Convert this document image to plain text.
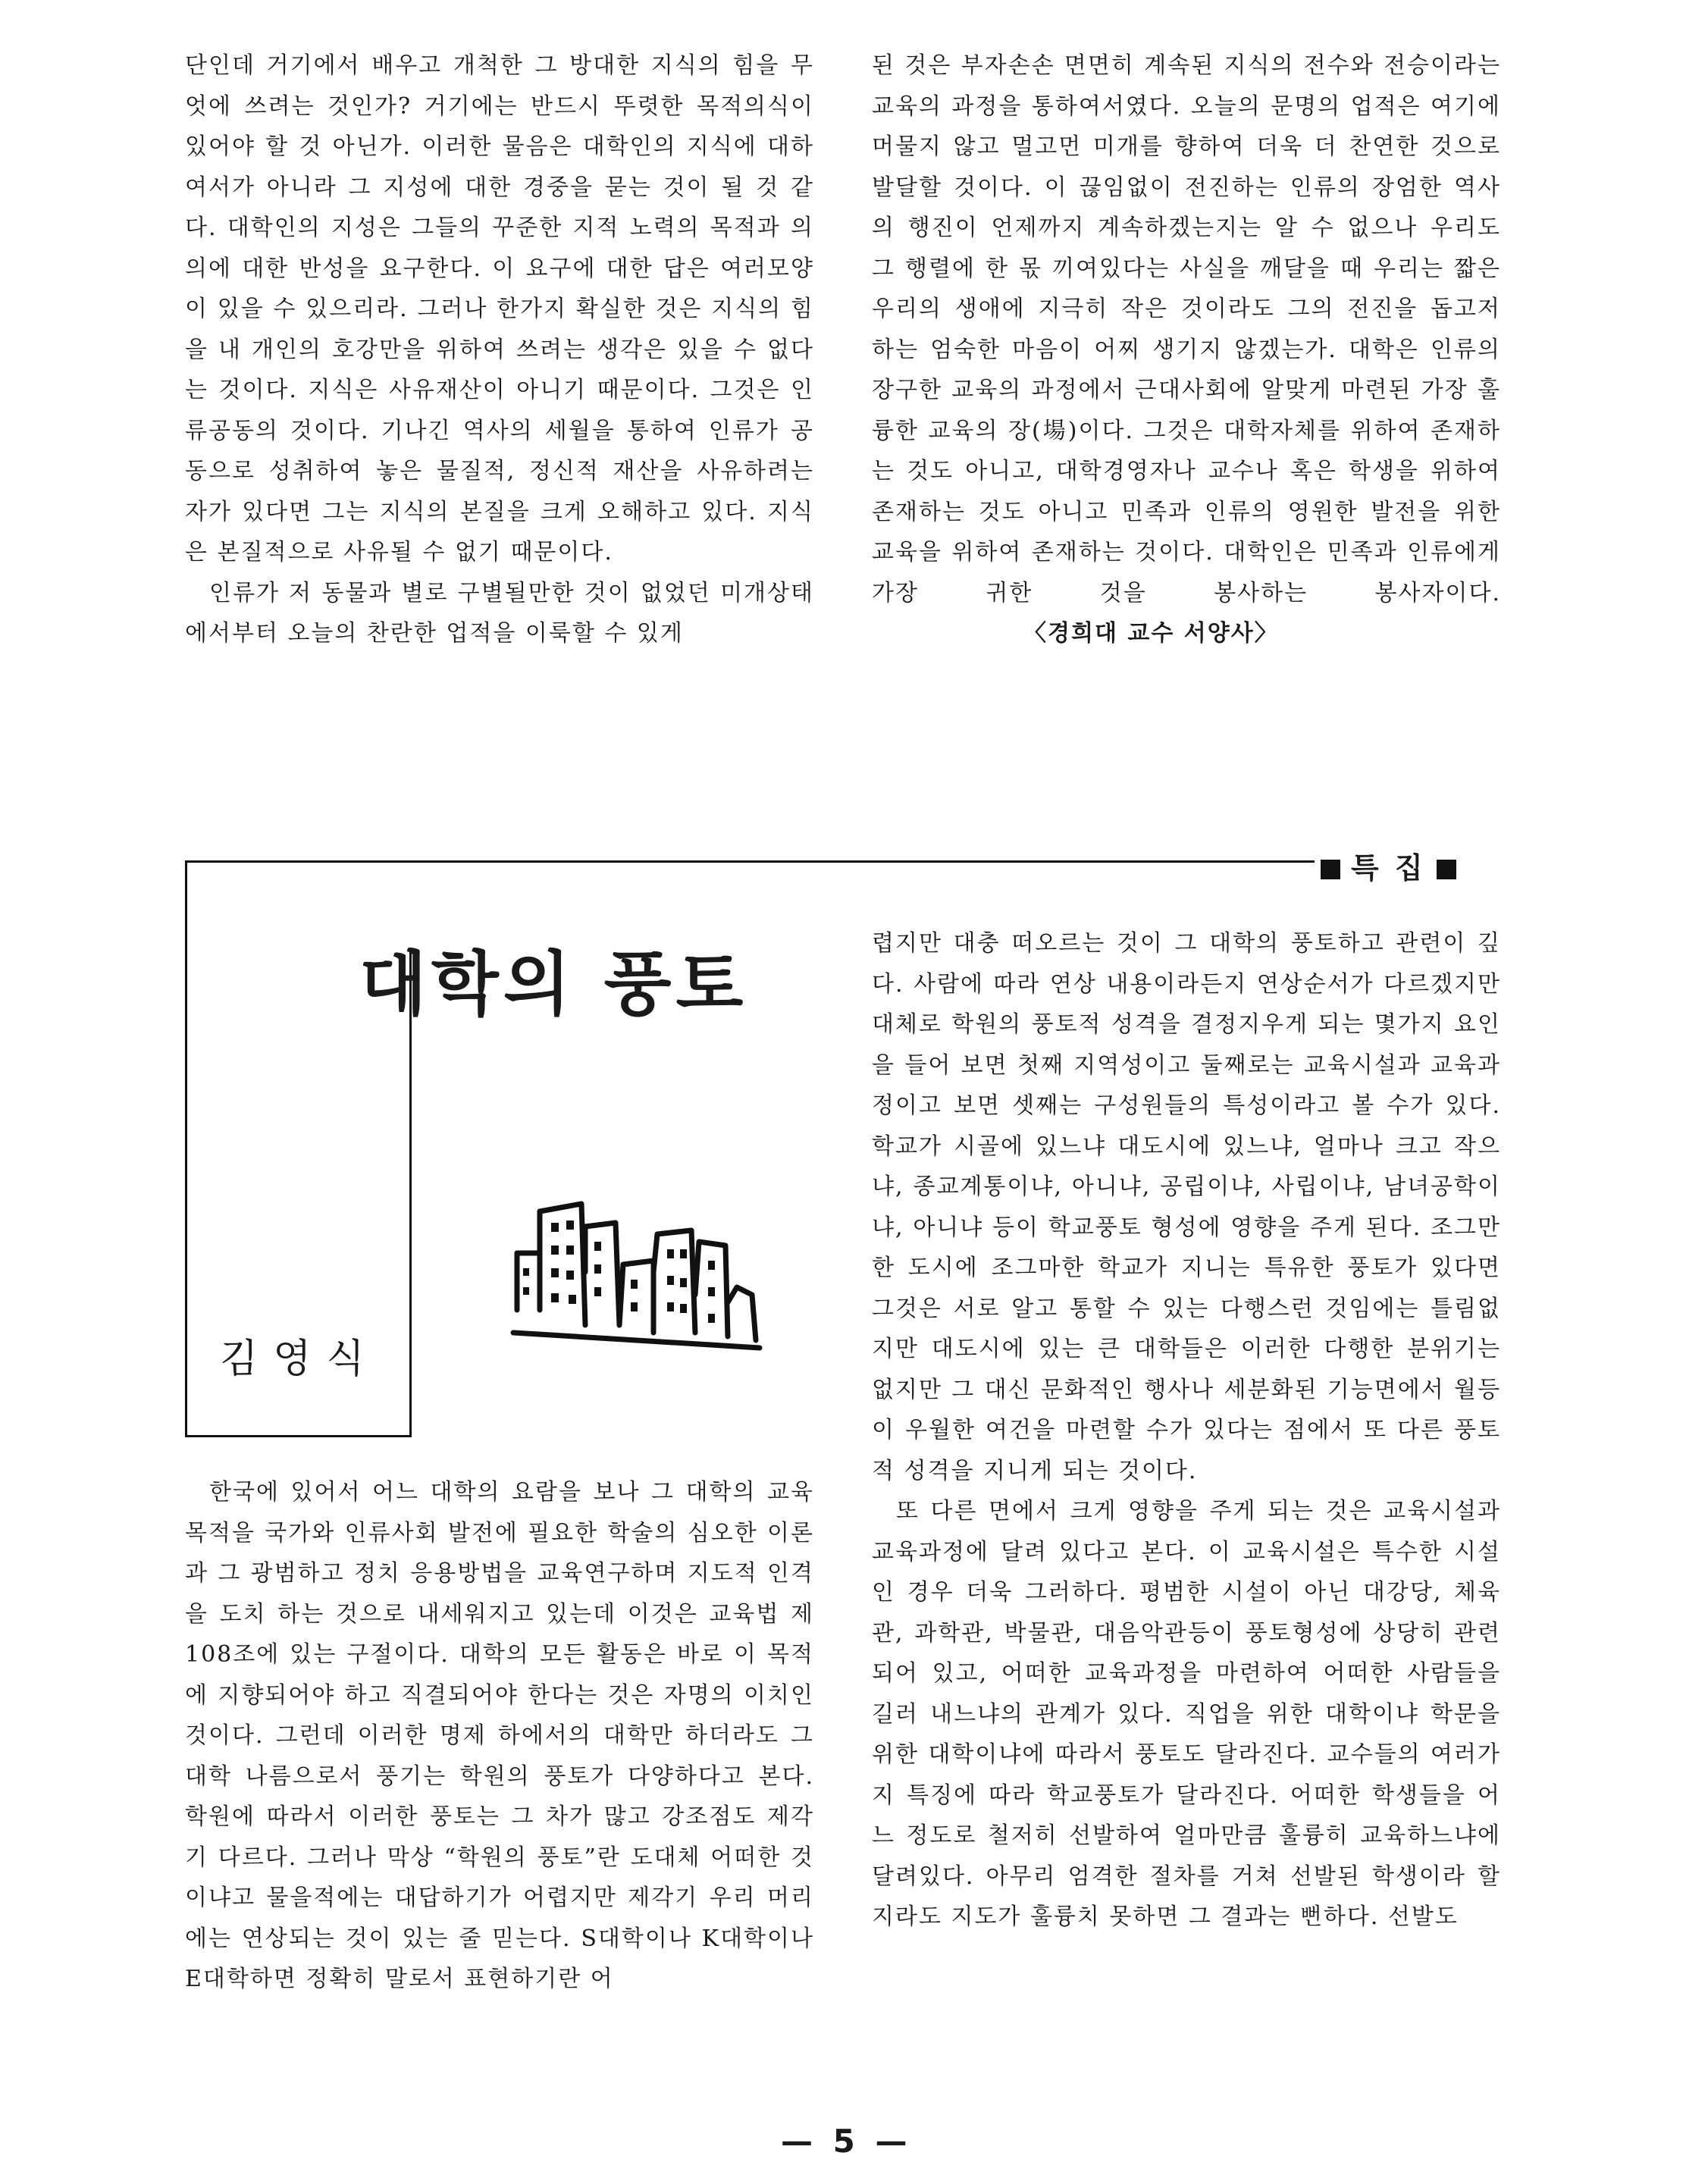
단인데 거기에서 배우고 개척한 그 방대한 지식의 힘을 무엇에 쓰려는 것인가? 거기에는 반드시 뚜렷한 목적의식이 있어야 할 것 아닌가. 이러한 물음은 대학인의 지식에 대하여서가 아니라 그 지성에 대한 경중을 묻는 것이 될 것 같다. 대학인의 지성은 그들의 꾸준한 지적 노력의 목적과 의의에 대한 반성을 요구한다. 이 요구에 대한 답은 여러모양이 있을 수 있으리라. 그러나 한가지 확실한 것은 지식의 힘을 내 개인의 호강만을 위하여 쓰려는 생각은 있을 수 없다는 것이다. 지식은 사유재산이 아니기 때문이다. 그것은 인류공동의 것이다. 기나긴 역사의 세월을 통하여 인류가 공동으로 성취하여 놓은 물질적, 정신적 재산을 사유하려는 자가 있다면 그는 지식의 본질을 크게 오해하고 있다. 지식은 본질적으로 사유될 수 없기 때문이다.

인류가 저 동물과 별로 구별될만한 것이 없었던 미개상태에서부터 오늘의 찬란한 업적을 이룩할 수 있게

된 것은 부자손손 면면히 계속된 지식의 전수와 전승이라는 교육의 과정을 통하여서였다. 오늘의 문명의 업적은 여기에 머물지 않고 멀고먼 미개를 향하여 더욱 더 찬연한 것으로 발달할 것이다. 이 끊임없이 전진하는 인류의 장엄한 역사의 행진이 언제까지 계속하겠는지는 알 수 없으나 우리도 그 행렬에 한 몫 끼여있다는 사실을 깨달을 때 우리는 짧은 우리의 생애에 지극히 작은 것이라도 그의 전진을 돕고저 하는 엄숙한 마음이 어찌 생기지 않겠는가. 대학은 인류의 장구한 교육의 과정에서 근대사회에 알맞게 마련된 가장 훌륭한 교육의 장(場)이다. 그것은 대학자체를 위하여 존재하는 것도 아니고, 대학경영자나 교수나 혹은 학생을 위하여 존재하는 것도 아니고 민족과 인류의 영원한 발전을 위한 교육을 위하여 존재하는 것이다. 대학인은 민족과 인류에게 가장 귀한 것을 봉사하는 봉사자이다.〈경희대 교수 서양사〉

특 집
대학의 풍토
김영식

한국에 있어서 어느 대학의 요람을 보나 그 대학의 교육목적을 국가와 인류사회 발전에 필요한 학술의 심오한 이론과 그 광범하고 정치 응용방법을 교육연구하며 지도적 인격을 도치 하는 것으로 내세워지고 있는데 이것은 교육법 제108조에 있는 구절이다. 대학의 모든 활동은 바로 이 목적에 지향되어야 하고 직결되어야 한다는 것은 자명의 이치인 것이다. 그런데 이러한 명제 하에서의 대학만 하더라도 그 대학 나름으로서 풍기는 학원의 풍토가 다양하다고 본다. 학원에 따라서 이러한 풍토는 그 차가 많고 강조점도 제각기 다르다. 그러나 막상 “학원의 풍토”란 도대체 어떠한 것이냐고 물을적에는 대답하기가 어렵지만 제각기 우리 머리에는 연상되는 것이 있는 줄 믿는다. S대학이나 K대학이나 E대학하면 정확히 말로서 표현하기란 어

렵지만 대충 떠오르는 것이 그 대학의 풍토하고 관련이 깊다. 사람에 따라 연상 내용이라든지 연상순서가 다르겠지만 대체로 학원의 풍토적 성격을 결정지우게 되는 몇가지 요인을 들어 보면 첫째 지역성이고 둘째로는 교육시설과 교육과정이고 보면 셋째는 구성원들의 특성이라고 볼 수가 있다. 학교가 시골에 있느냐 대도시에 있느냐, 얼마나 크고 작으냐, 종교계통이냐, 아니냐, 공립이냐, 사립이냐, 남녀공학이냐, 아니냐 등이 학교풍토 형성에 영향을 주게 된다. 조그만한 도시에 조그마한 학교가 지니는 특유한 풍토가 있다면 그것은 서로 알고 통할 수 있는 다행스런 것임에는 틀림없지만 대도시에 있는 큰 대학들은 이러한 다행한 분위기는 없지만 그 대신 문화적인 행사나 세분화된 기능면에서 월등이 우월한 여건을 마련할 수가 있다는 점에서 또 다른 풍토적 성격을 지니게 되는 것이다.

또 다른 면에서 크게 영향을 주게 되는 것은 교육시설과 교육과정에 달려 있다고 본다. 이 교육시설은 특수한 시설인 경우 더욱 그러하다. 평범한 시설이 아닌 대강당, 체육관, 과학관, 박물관, 대음악관등이 풍토형성에 상당히 관련되어 있고, 어떠한 교육과정을 마련하여 어떠한 사람들을 길러 내느냐의 관계가 있다. 직업을 위한 대학이냐 학문을 위한 대학이냐에 따라서 풍토도 달라진다. 교수들의 여러가지 특징에 따라 학교풍토가 달라진다. 어떠한 학생들을 어느 정도로 철저히 선발하여 얼마만큼 훌륭히 교육하느냐에 달려있다. 아무리 엄격한 절차를 거쳐 선발된 학생이라 할지라도 지도가 훌륭치 못하면 그 결과는 뻔하다. 선발도

— 5 —
